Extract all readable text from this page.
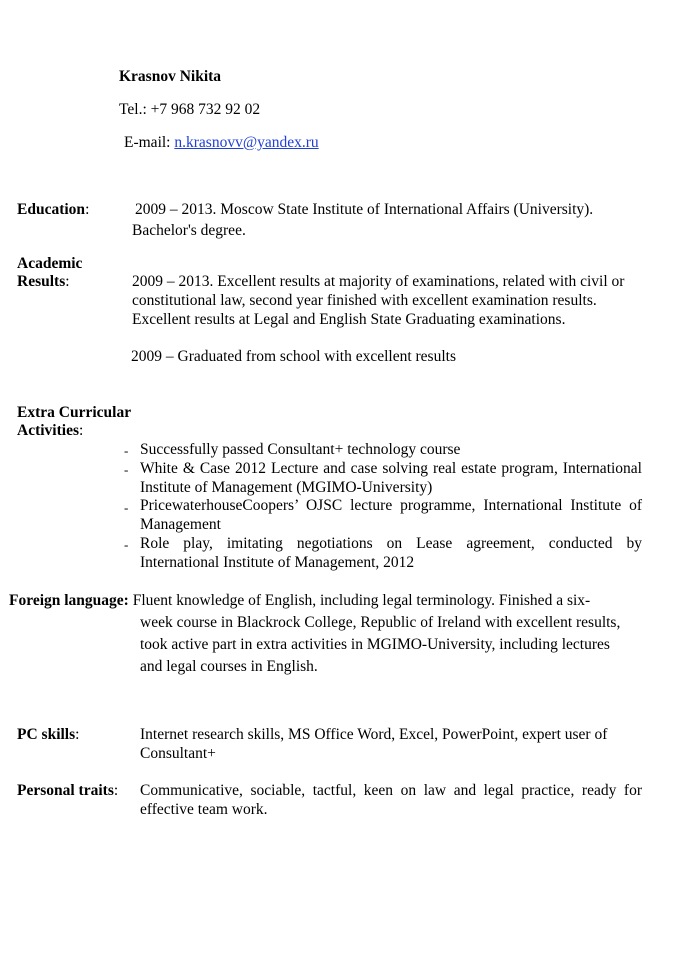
Krasnov Nikita
Tel.: +7 968 732 92 02
E-mail: n.krasnovv@yandex.ru
Education:	2009 – 2013. Moscow State Institute of International Affairs (University).
Bachelor's degree.
Academic
Results:	2009 – 2013. Excellent results at majority of examinations, related with civil or constitutional law, second year finished with excellent examination results. Excellent results at Legal and English State Graduating examinations.
2009 – Graduated from school with excellent results
Extra Curricular
Activities:
- Successfully passed Consultant+ technology course
- White & Case 2012 Lecture and case solving real estate program, International Institute of Management (MGIMO-University)
- PricewaterhouseCoopers’ OJSC lecture programme, International Institute of Management
- Role play, imitating negotiations on Lease agreement, conducted by International Institute of Management, 2012
Foreign language: Fluent knowledge of English, including legal terminology. Finished a six-
week course in Blackrock College, Republic of Ireland with excellent results, took active part in extra activities in MGIMO-University, including lectures and legal courses in English.
PC skills:	Internet research skills, MS Office Word, Excel, PowerPoint, expert user of Consultant+
Personal traits: Communicative, sociable, tactful, keen on law and legal practice, ready for effective team work.
